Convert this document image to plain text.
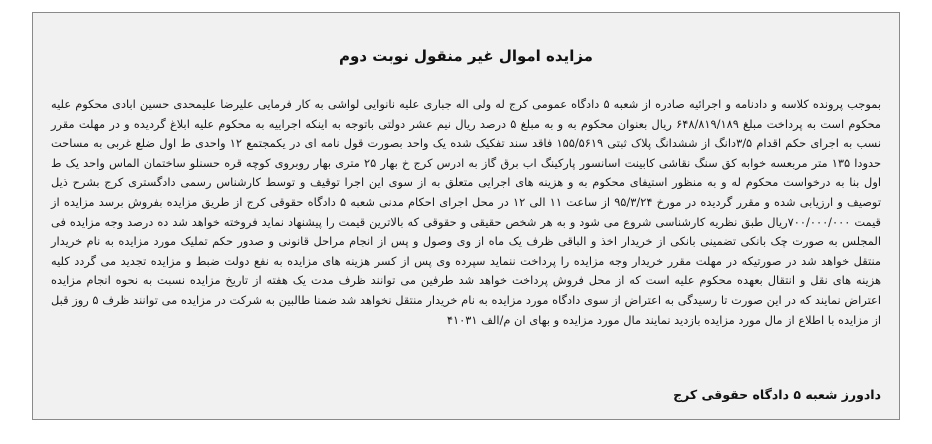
مزایده اموال غیر منقول نوبت دوم

بموجب پرونده کلاسه و دادنامه و اجرائیه صادره از شعبه ۵ دادگاه عمومی کرج له ولی اله جباری علیه نانوایی لواشی به کار فرمایی علیرضا علیمحدی حسین ابادی محکوم علیه محکوم است به پرداخت مبلغ ۶۴۸/۸۱۹/۱۸۹ ریال بعنوان محکوم به و به مبلغ ۵ درصد ریال نیم عشر دولتی باتوجه به اینکه اجراییه به محکوم علیه ابلاغ گردیده و در مهلت مقرر نسب به اجرای حکم اقدام ۳/۵دانگ از ششدانگ پلاک ثبتی ۱۵۵/۵۶۱۹ فاقد سند تفکیک شده یک واحد بصورت قول نامه ای در یکمجتمع ۱۲ واحدی ط اول ضلع غربی به مساحت حدودا ۱۳۵ متر مربعسه خوابه کق سنگ نقاشی کابینت اسانسور پارکینگ اب برق گاز به ادرس کرج خ بهار ۲۵ متری بهار روبروی کوچه قره حسنلو ساختمان الماس واحد یک ط اول بنا به درخواست محکوم له و به منظور استیفای محکوم به و هزینه های اجرایی متعلق به از سوی این اجرا توقیف و توسط کارشناس رسمی دادگستری کرج بشرح ذیل توصیف و ارزیابی شده و مقرر گردیده در مورخ ۹۵/۳/۲۴ از ساعت ۱۱ الی ۱۲ در محل اجرای احکام مدنی شعبه ۵ دادگاه حقوقی کرج از طریق مزایده بفروش برسد مزایده از قیمت ۷۰۰/۰۰۰/۰۰۰ریال طبق نظریه کارشناسی شروع می شود و به هر شخص حقیقی و حقوقی که بالاترین قیمت را پیشنهاد نماید فروخته خواهد شد ده درصد وجه مزایده فی المجلس به صورت چک بانکی تضمینی بانکی از خریدار اخذ و الباقی ظرف یک ماه از وی وصول و پس از انجام مراحل قانونی و صدور حکم تملیک مورد مزایده به نام خریدار منتقل خواهد شد در صورتیکه در مهلت مقرر خریدار وجه مزایده را پرداخت ننماید سپرده وی پس از کسر هزینه های مزایده به نفع دولت ضبط و مزایده تجدید می گردد کلیه هزینه های نقل و انتقال بعهده محکوم علیه است که از محل فروش پرداخت خواهد شد طرفین می توانند ظرف مدت یک هفته از تاریخ مزایده نسبت به نحوه انجام مزایده اعتراض نمایند که در این صورت تا رسیدگی به اعتراض از سوی دادگاه مورد مزایده به نام خریدار منتقل نخواهد شد ضمنا طالبین به شرکت در مزایده می توانند ظرف ۵ روز قبل از مزایده با اطلاع از مال مورد مزایده بازدید نمایند مال مورد مزایده و بهای ان م/الف ۴۱۰۳۱

دادورز شعبه ۵ دادگاه حقوقی کرج
